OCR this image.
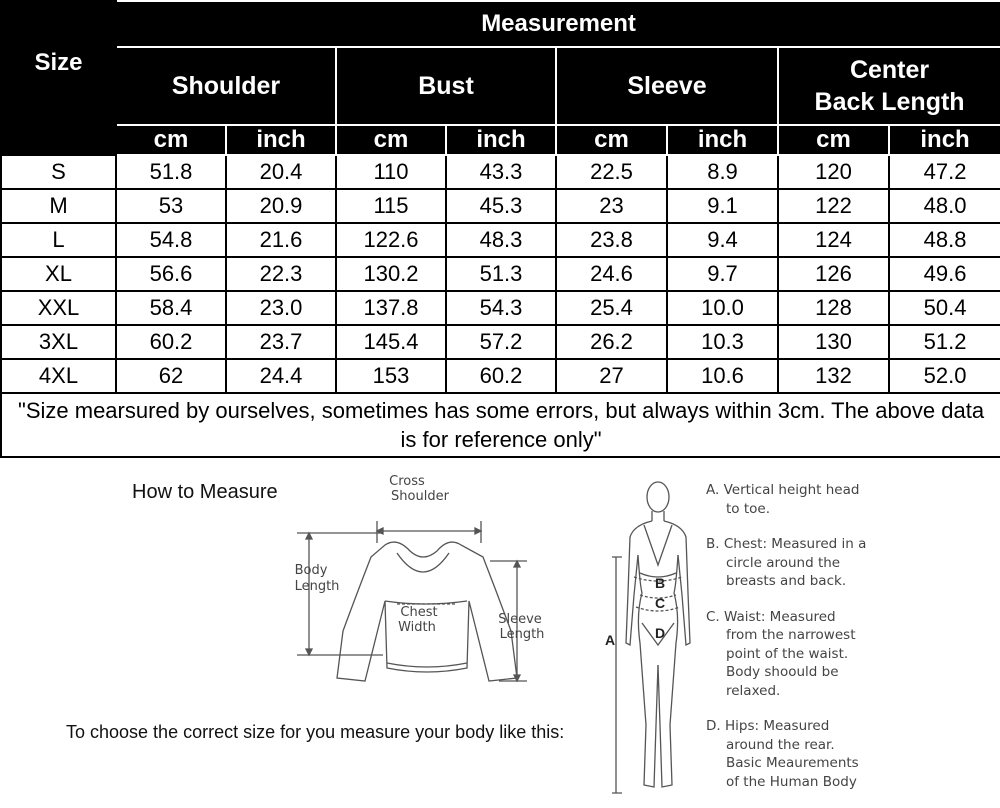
Size	Measurement							
	Shoulder		Bust		Sleeve		Center
Back Length	
	cm	inch	cm	inch	cm	inch	cm	inch
S	51.8	20.4	110	43.3	22.5	8.9	120	47.2
M	53	20.9	115	45.3	23	9.1	122	48.0
L	54.8	21.6	122.6	48.3	23.8	9.4	124	48.8
XL	56.6	22.3	130.2	51.3	24.6	9.7	126	49.6
XXL	58.4	23.0	137.8	54.3	25.4	10.0	128	50.4
3XL	60.2	23.7	145.4	57.2	26.2	10.3	130	51.2
4XL	62	24.4	153	60.2	27	10.6	132	52.0
"Size mearsured by ourselves, sometimes has some errors, but always within 3cm. The above data is for reference only"								
How to Measure	Cross
Shoulder
Body
Length
Chest
Width
Sleeve
Length	A
B
C
D
A. Vertical height head
to toe.
B. Chest: Measured in a
circle around the
breasts and back.
C. Waist: Measured
from the narrowest
point of the waist.
Body shoould be
relaxed.
D. Hips: Measured
around the rear.
Basic Meaurements
of the Human Body
To choose the correct size for you measure your body like this:
